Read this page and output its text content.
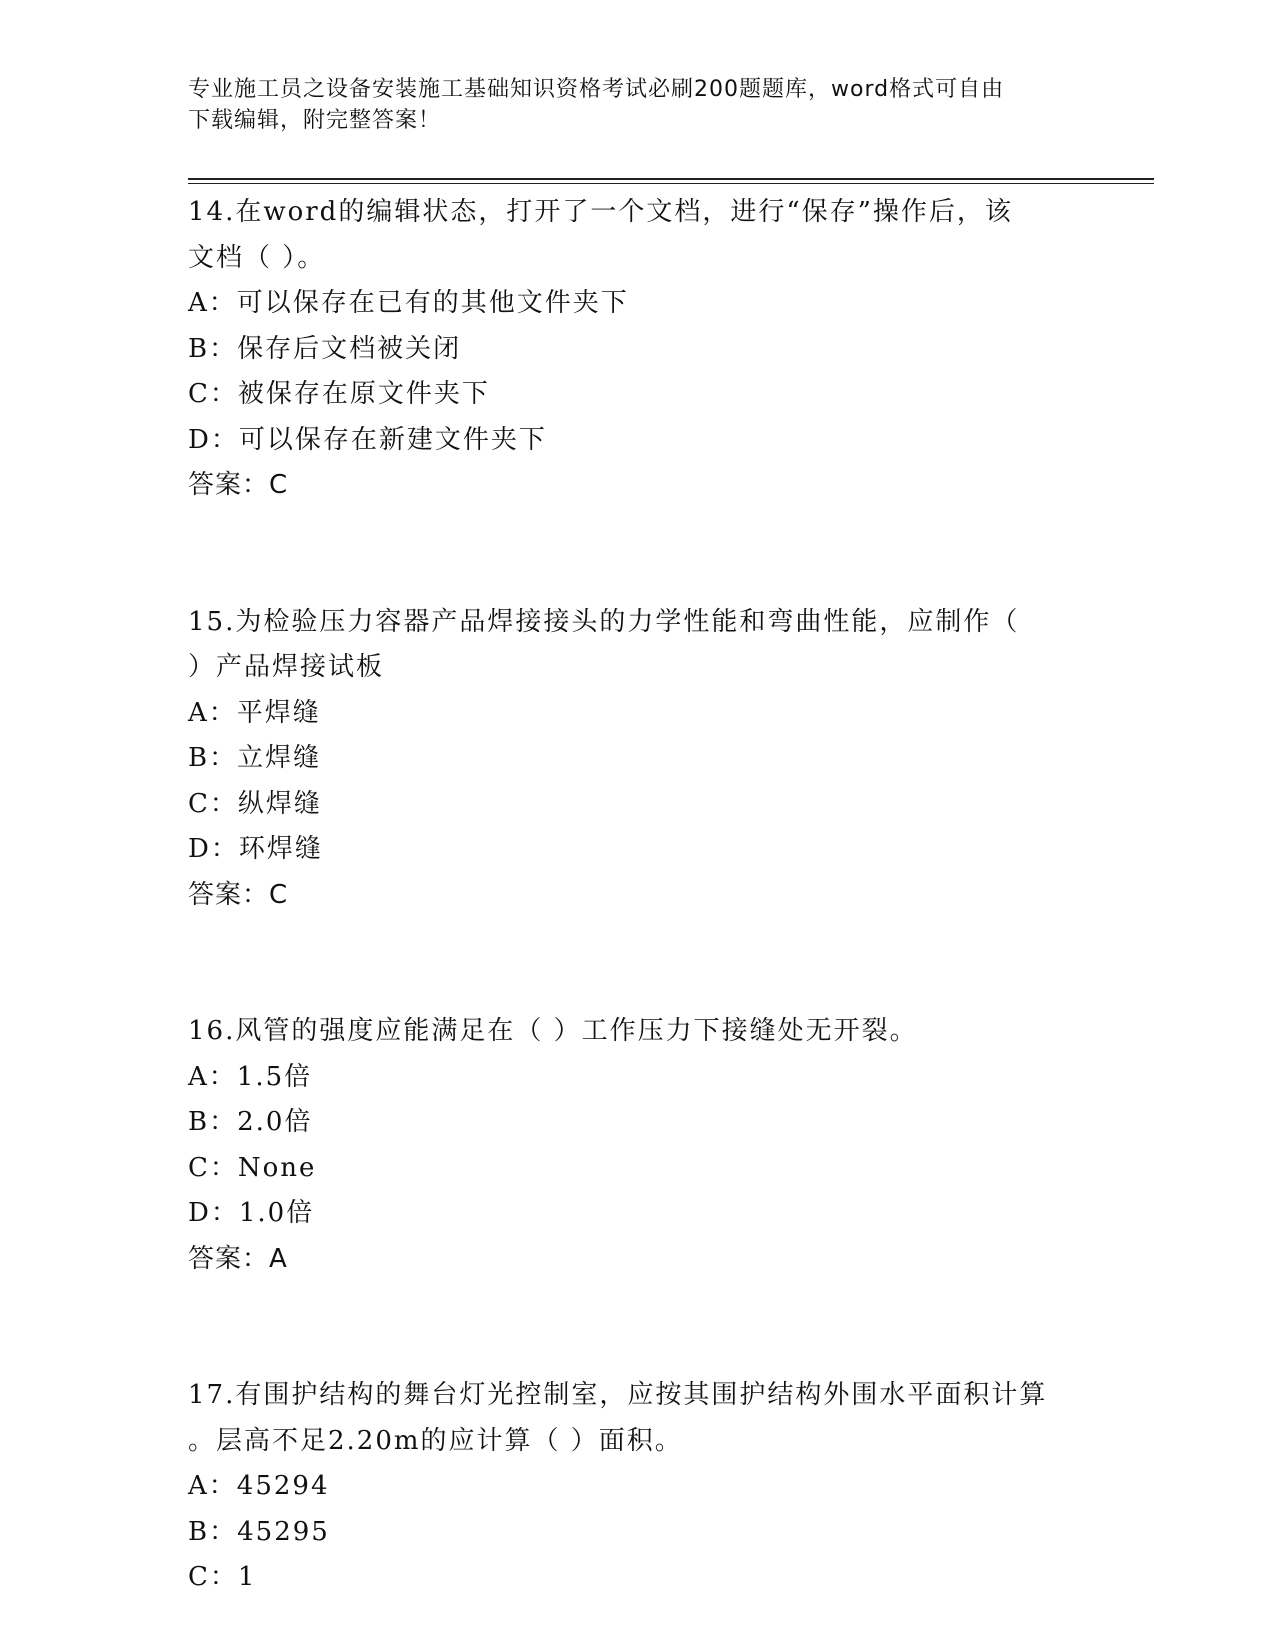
专业施工员之设备安装施工基础知识资格考试必刷200题题库，word格式可自由
下载编辑，附完整答案！
14.在word的编辑状态，打开了一个文档，进行“保存”操作后，该
文档（ ）。
A：可以保存在已有的其他文件夹下
B：保存后文档被关闭
C：被保存在原文件夹下
D：可以保存在新建文件夹下
答案：C
15.为检验压力容器产品焊接接头的力学性能和弯曲性能，应制作（
）产品焊接试板
A：平焊缝
B：立焊缝
C：纵焊缝
D：环焊缝
答案：C
16.风管的强度应能满足在（ ）工作压力下接缝处无开裂。
A：1.5倍
B：2.0倍
C：None
D：1.0倍
答案：A
17.有围护结构的舞台灯光控制室，应按其围护结构外围水平面积计算
。层高不足2.20m的应计算（ ）面积。
A：45294
B：45295
C：1
